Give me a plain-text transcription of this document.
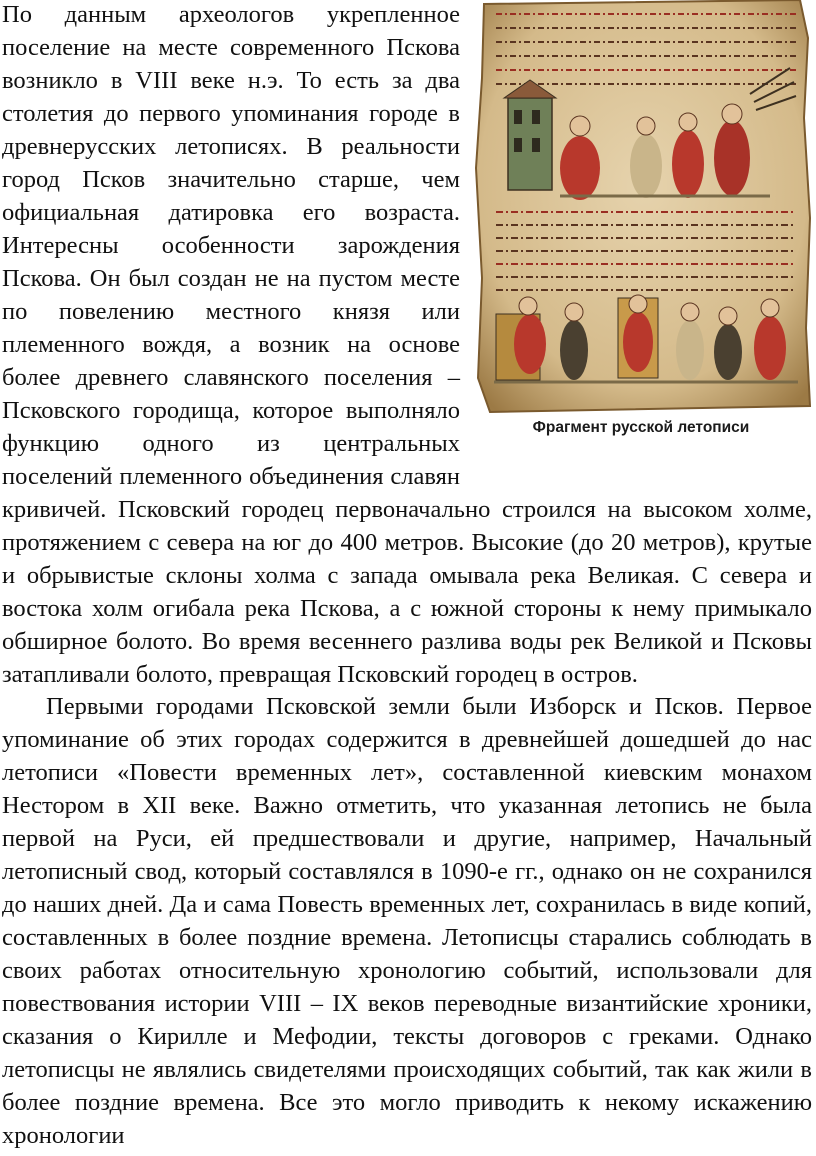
Фрагмент русской летописи
По данным археологов укрепленное поселение на месте современного Пскова возникло в VIII веке н.э. То есть за два столетия до первого упоминания городе в древнерусских летописях. В реальности город Псков значительно старше, чем официальная датировка его возраста. Интересны особенности зарождения Пскова. Он был создан не на пустом месте по повелению местного князя или племенного вождя, а возник на основе более древнего славянского поселения – Псковского городища, которое выполняло функцию одного из центральных поселений племенного объединения славян кривичей. Псковский городец первоначально строился на высоком холме, протяжением с севера на юг до 400 метров. Высокие (до 20 метров), крутые и обрывистые склоны холма с запада омывала река Великая. С севера и востока холм огибала река Пскова, а с южной стороны к нему примыкало обширное болото. Во время весеннего разлива воды рек Великой и Псковы затапливали болото, превращая Псковский городец в остров.
Первыми городами Псковской земли были Изборск и Псков. Первое упоминание об этих городах содержится в древнейшей дошедшей до нас летописи «Повести временных лет», составленной киевским монахом Нестором в XII веке. Важно отметить, что указанная летопись не была первой на Руси, ей предшествовали и другие, например, Начальный летописный свод, который составлялся в 1090-е гг., однако он не сохранился до наших дней. Да и сама Повесть временных лет, сохранилась в виде копий, составленных в более поздние времена. Летописцы старались соблюдать в своих работах относительную хронологию событий, использовали для повествования истории VIII – IX веков переводные византийские хроники, сказания о Кирилле и Мефодии, тексты договоров с греками. Однако летописцы не являлись свидетелями происходящих событий, так как жили в более поздние времена. Все это могло приводить к некому искажению хронологии
